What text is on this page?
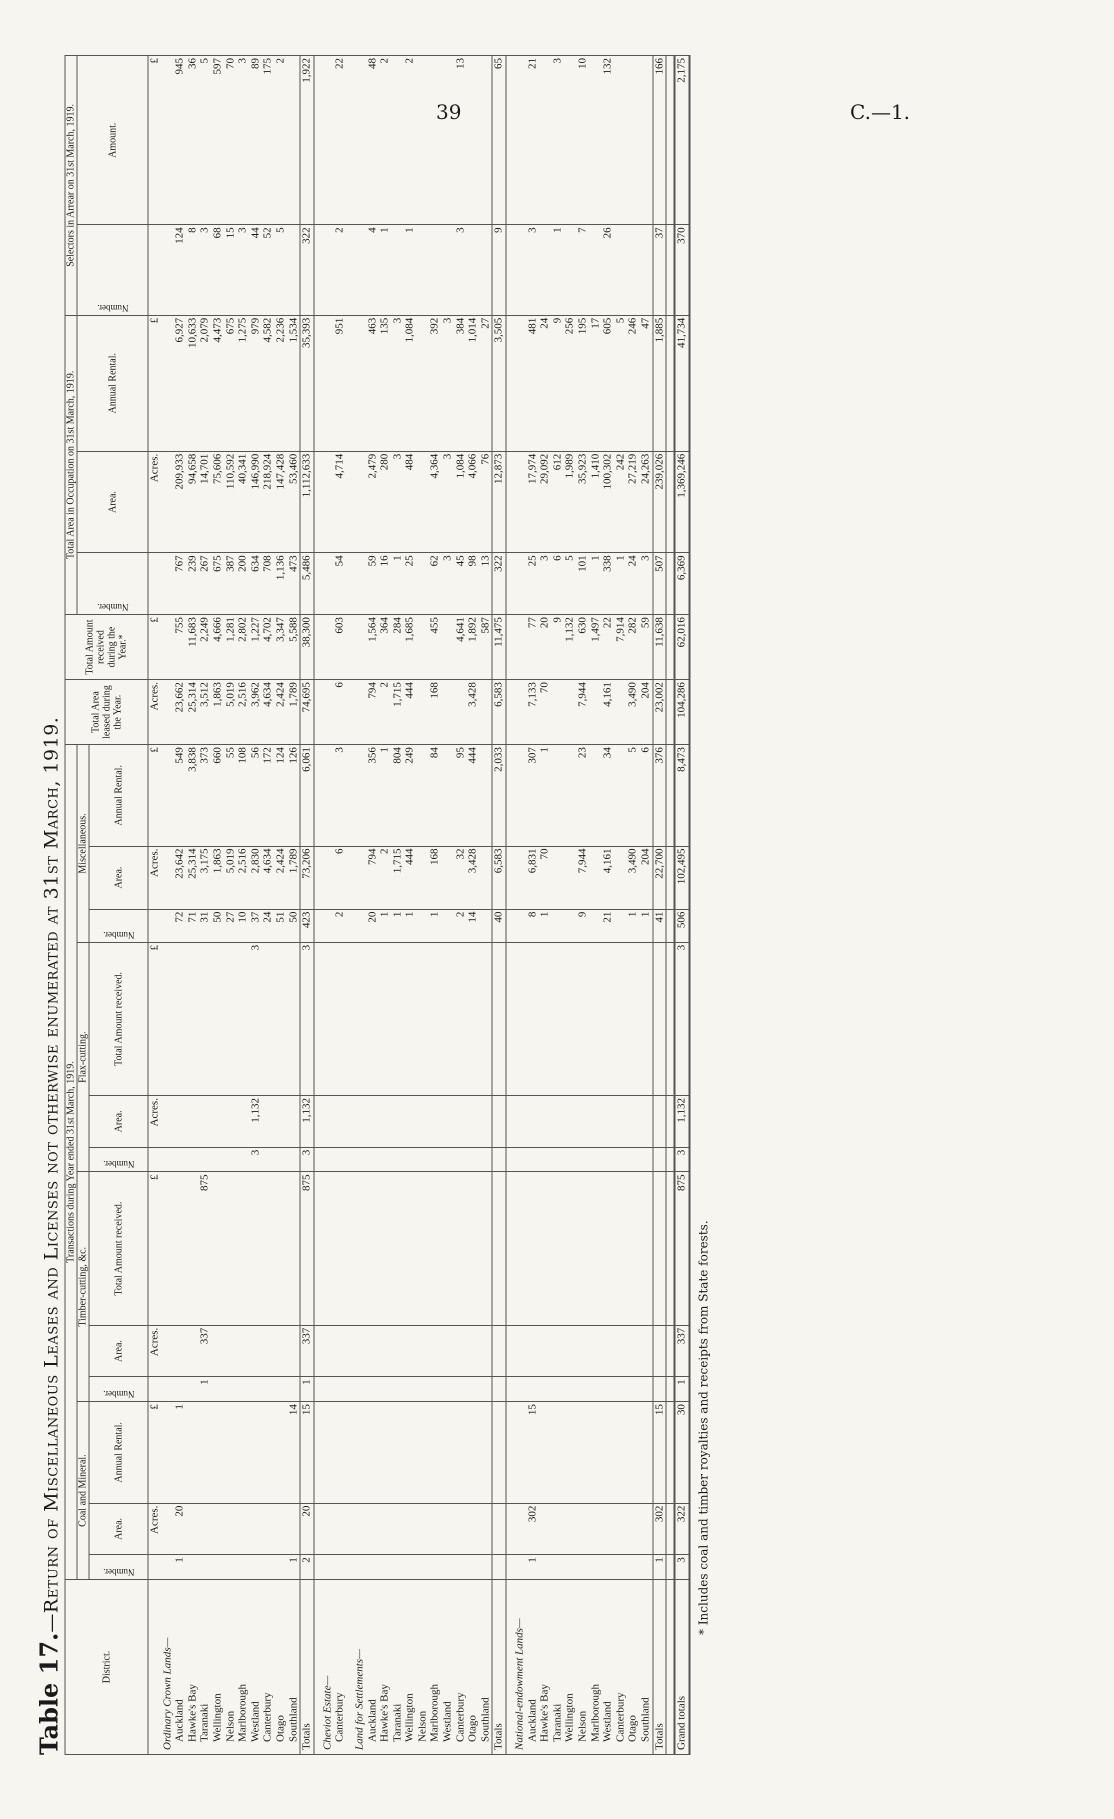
39	C.—1.
Table 17.—Return of Miscellaneous Leases and Licenses not otherwise enumerated at 31st March, 1919.
District.	Transactions during Year ended 31st March, 1919.												Total Area leased during the Year.	Total Amount received during the Year.*	Total Area in Occupation on 31st March, 1919.			Selectors in Arrear on 31st March, 1919.	
	Coal and Mineral.			Timber-cutting, &c.			Flax-cutting.			Miscellaneous.					Number.	Area.	Annual Rental.	Number.	Amount.

	Number.	Area.	Annual Rental.	Number.	Area.	Total Amount received.	Number.	Area.	Total Amount received.	Number.	Area.	Annual Rental.							
		Acres.	£		Acres.	£		Acres.	£		Acres.	£	Acres.	£		Acres.	£		£
Ordinary Crown Lands—																			
Auckland	1	20	1							72	23,642	549	23,662	755	767	209,933	6,927	124	945
Hawke's Bay										71	25,314	3,838	25,314	11,683	239	94,658	10,633	8	36
Taranaki				1	337	875				31	3,175	373	3,512	2,249	267	14,701	2,079	3	5
Wellington										50	1,863	660	1,863	4,666	675	75,606	4,473	68	597
Nelson										27	5,019	55	5,019	1,281	387	110,592	675	15	70
Marlborough										10	2,516	108	2,516	2,802	200	40,341	1,275	3	3
Westland							3	1,132	3	37	2,830	56	3,962	1,227	634	146,990	979	44	89
Canterbury										24	4,634	172	4,634	4,702	708	218,924	4,582	52	175
Otago										51	2,424	124	2,424	3,347	1,136	147,428	2,236	5	2
Southland	1		14							50	1,789	126	1,789	5,588	473	53,460	1,534		
Totals	2	20	15	1	337	875	3	1,132	3	423	73,206	6,061	74,695	38,300	5,486	1,112,633	35,393	322	1,922

Cheviot Estate—																			
Canterbury										2	6	3	6	603	54	4,714	951	2	22

Land for Settlements—																			
Auckland										20	794	356	794	1,564	59	2,479	463	4	48
Hawke's Bay										1	2	1	2	364	16	280	135	1	2
Taranaki										1	1,715	804	1,715	284	1	3	3		
Wellington										1	444	249	444	1,685	25	484	1,084	1	2
Nelson																			
Marlborough										1	168	84	168	455	62	4,364	392		
Westland															3	3	3		
Canterbury										2	32	95		4,641	45	1,084	384	3	13
Otago										14	3,428	444	3,428	1,892	98	4,066	1,014		
Southland														587	13	76	27		
Totals										40	6,583	2,033	6,583	11,475	322	12,873	3,505	9	65

National-endowment Lands—																			
Auckland	1	302	15							8	6,831	307	7,133	77	25	17,974	481	3	21
Hawke's Bay										1	70	1	70	20	3	29,092	24		
Taranaki														9	6	612	9	1	3
Wellington														1,132	5	1,989	256		
Nelson										9	7,944	23	7,944	630	101	35,923	195	7	10
Marlborough														1,497	1	1,410	17		
Westland										21	4,161	34	4,161	22	338	100,302	605	26	132
Canterbury														7,914	1	242	5		
Otago										1	3,490	5	3,490	282	24	27,219	246		
Southland										1	204	6	204	59	3	24,263	47		
Totals	1	302	15							41	22,700	376	23,002	11,638	507	239,026	1,885	37	166

Grand totals	3	322	30	1	337	875	3	1,132	3	506	102,495	8,473	104,286	62,016	6,369	1,369,246	41,734	370	2,175
* Includes coal and timber royalties and receipts from State forests.
